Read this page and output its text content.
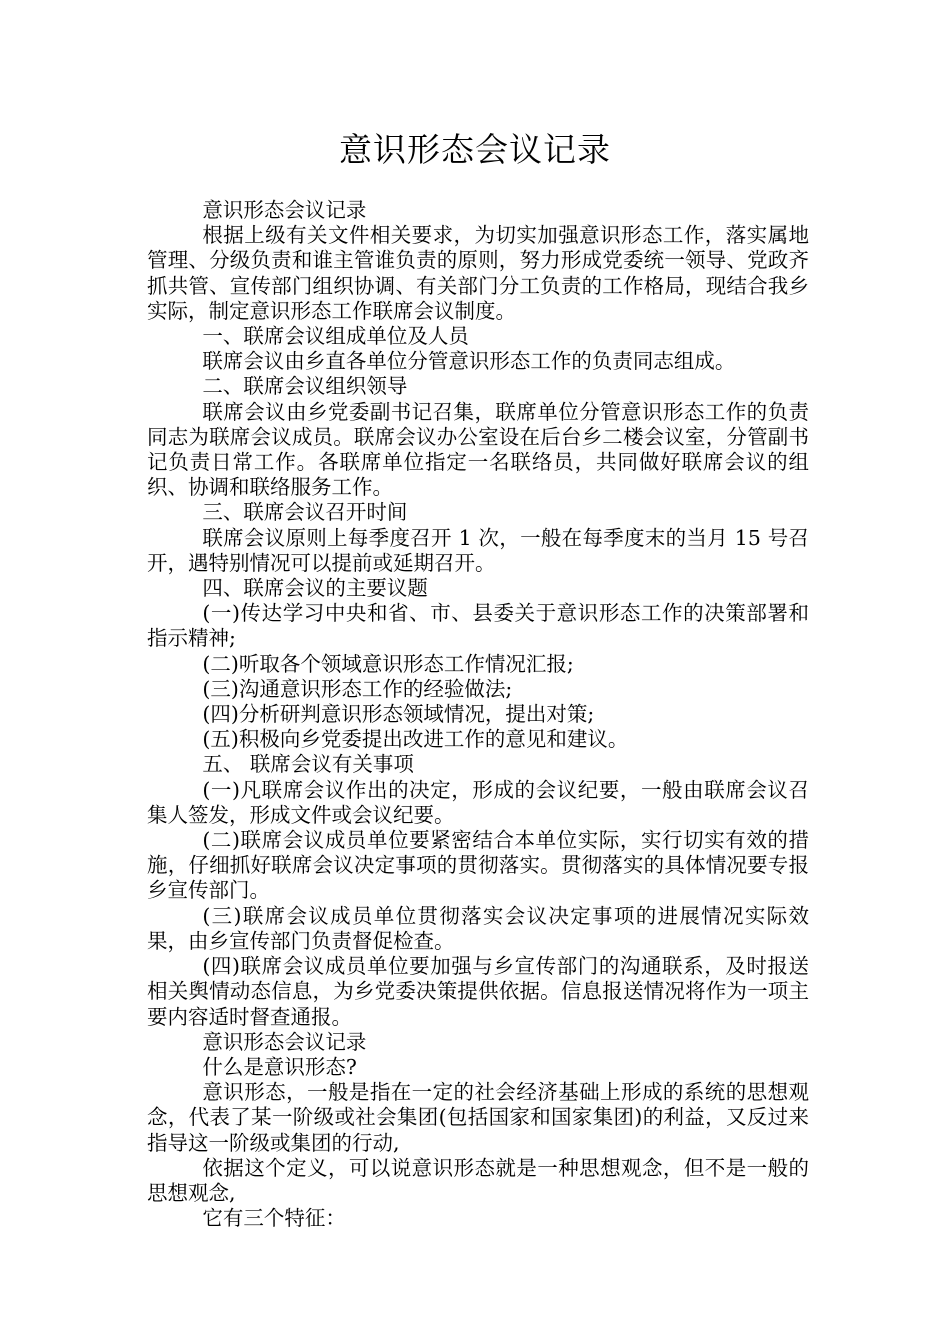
意识形态会议记录

意识形态会议记录

根据上级有关文件相关要求，为切实加强意识形态工作，落实属地管理、分级负责和谁主管谁负责的原则，努力形成党委统一领导、党政齐抓共管、宣传部门组织协调、有关部门分工负责的工作格局，现结合我乡实际，制定意识形态工作联席会议制度。

一、联席会议组成单位及人员

联席会议由乡直各单位分管意识形态工作的负责同志组成。

二、联席会议组织领导

联席会议由乡党委副书记召集，联席单位分管意识形态工作的负责同志为联席会议成员。联席会议办公室设在后台乡二楼会议室，分管副书记负责日常工作。各联席单位指定一名联络员，共同做好联席会议的组织、协调和联络服务工作。

三、联席会议召开时间

联席会议原则上每季度召开 1 次，一般在每季度末的当月 15 号召开，遇特别情况可以提前或延期召开。

四、联席会议的主要议题

(一)传达学习中央和省、市、县委关于意识形态工作的决策部署和指示精神;

(二)听取各个领域意识形态工作情况汇报;

(三)沟通意识形态工作的经验做法;

(四)分析研判意识形态领域情况，提出对策;

(五)积极向乡党委提出改进工作的意见和建议。

五、 联席会议有关事项

(一)凡联席会议作出的决定，形成的会议纪要，一般由联席会议召集人签发，形成文件或会议纪要。

(二)联席会议成员单位要紧密结合本单位实际，实行切实有效的措施，仔细抓好联席会议决定事项的贯彻落实。贯彻落实的具体情况要专报乡宣传部门。

(三)联席会议成员单位贯彻落实会议决定事项的进展情况实际效果，由乡宣传部门负责督促检查。

(四)联席会议成员单位要加强与乡宣传部门的沟通联系，及时报送相关舆情动态信息，为乡党委决策提供依据。信息报送情况将作为一项主要内容适时督查通报。

意识形态会议记录

什么是意识形态?

意识形态，一般是指在一定的社会经济基础上形成的系统的思想观念，代表了某一阶级或社会集团(包括国家和国家集团)的利益，又反过来指导这一阶级或集团的行动,

依据这个定义，可以说意识形态就是一种思想观念，但不是一般的思想观念,

它有三个特征：
